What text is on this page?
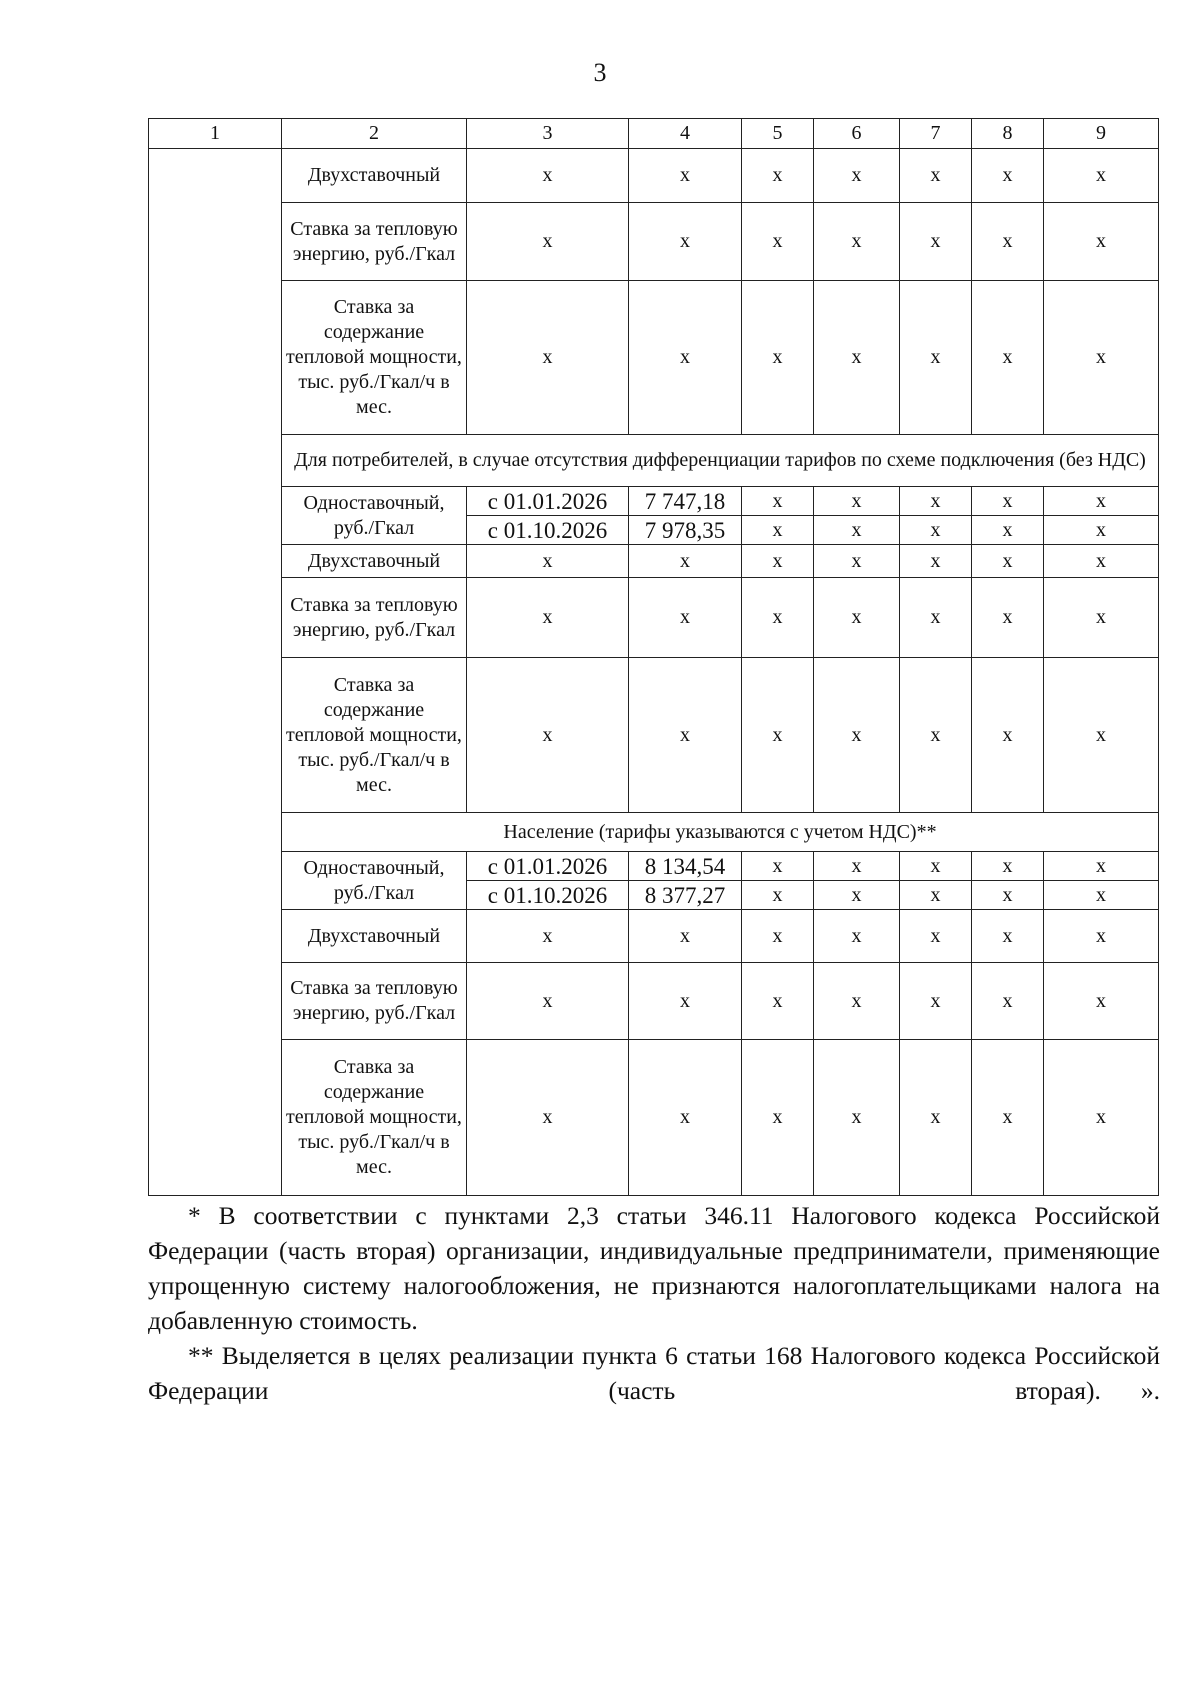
3
1	2	3	4	5	6	7	8	9
	Двухставочный	x	x	x	x	x	x	x
	Ставка за тепловую энергию, руб./Гкал	x	x	x	x	x	x	x
	Ставка за содержание тепловой мощности, тыс. руб./Гкал/ч в мес.	x	x	x	x	x	x	x
	Для потребителей, в случае отсутствия дифференциации тарифов по схеме подключения (без НДС)							
	Одноставочный, руб./Гкал	с 01.01.2026	7 747,18	x	x	x	x	x
		с 01.10.2026	7 978,35	x	x	x	x	x
	Двухставочный	x	x	x	x	x	x	x
	Ставка за тепловую энергию, руб./Гкал	x	x	x	x	x	x	x
	Ставка за содержание тепловой мощности, тыс. руб./Гкал/ч в мес.	x	x	x	x	x	x	x
	Население (тарифы указываются с учетом НДС)**							
	Одноставочный, руб./Гкал	с 01.01.2026	8 134,54	x	x	x	x	x
		с 01.10.2026	8 377,27	x	x	x	x	x
	Двухставочный	x	x	x	x	x	x	x
	Ставка за тепловую энергию, руб./Гкал	x	x	x	x	x	x	x
	Ставка за содержание тепловой мощности, тыс. руб./Гкал/ч в мес.	x	x	x	x	x	x	x

* В соответствии с пунктами 2,3 статьи 346.11 Налогового кодекса Российской Федерации (часть вторая) организации, индивидуальные предприниматели, применяющие упрощенную систему налогообложения, не признаются налогоплательщиками налога на добавленную стоимость.

** Выделяется в целях реализации пункта 6 статьи 168 Налогового кодекса Российской Федерации (часть вторая).	».
